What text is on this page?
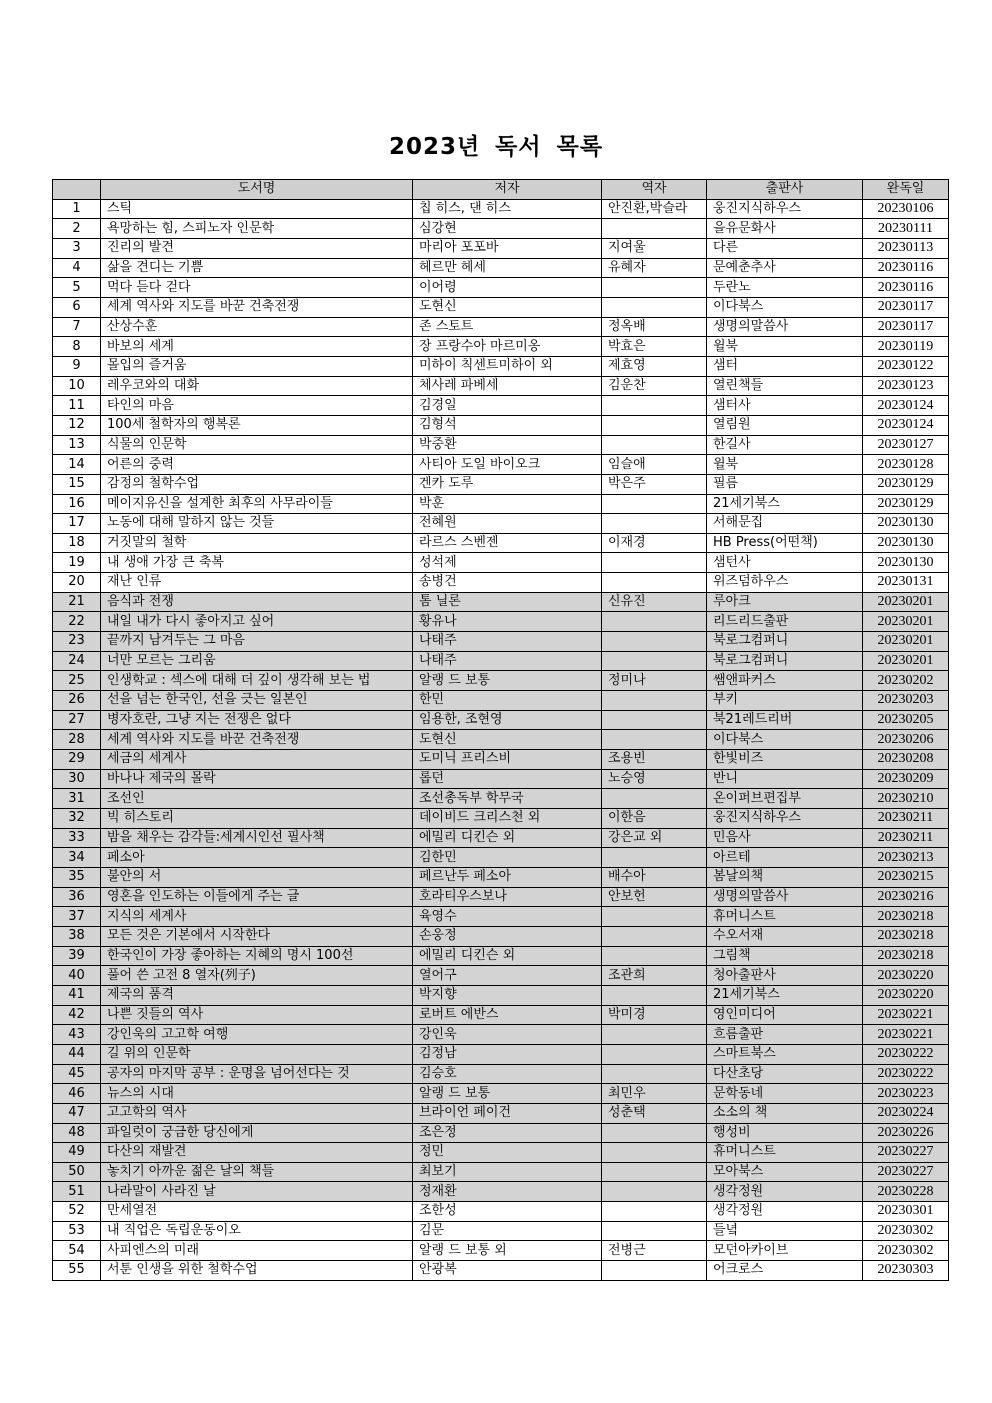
2023년 독서 목록
	도서명	저자	역자	출판사	완독일
1	스틱	칩 히스, 댄 히스	안진환,박슬라	웅진지식하우스	20230106
2	욕망하는 힘, 스피노자 인문학	심강현		을유문화사	20230111
3	진리의 발견	마리아 포포바	지여울	다른	20230113
4	삶을 견디는 기쁨	헤르만 헤세	유혜자	문예춘추사	20230116
5	먹다 듣다 걷다	이어령		두란노	20230116
6	세계 역사와 지도를 바꾼 건축전쟁	도현신		이다북스	20230117
7	산상수훈	존 스토트	정옥배	생명의말씀사	20230117
8	바보의 세계	장 프랑수아 마르미옹	박효은	윌북	20230119
9	몰입의 즐거움	미하이 칙센트미하이 외	제효영	샘터	20230122
10	레우코와의 대화	체사레 파베세	김운찬	열린책들	20230123
11	타인의 마음	김경일		샘터사	20230124
12	100세 철학자의 행복론	김형석		열림원	20230124
13	식물의 인문학	박중환		한길사	20230127
14	어른의 중력	사티아 도일 바이오크	임슬애	윌북	20230128
15	감정의 철학수업	겐카 도루	박은주	필름	20230129
16	메이지유신을 설계한 최후의 사무라이들	박훈		21세기북스	20230129
17	노동에 대해 말하지 않는 것들	전혜원		서해문집	20230130
18	거짓말의 철학	라르스 스벤젠	이재경	HB Press(어떤책)	20230130
19	내 생애 가장 큰 축복	성석제		샘턴사	20230130
20	재난 인류	송병건		위즈덤하우스	20230131
21	음식과 전쟁	톰 닐론	신유진	루아크	20230201
22	내일 내가 다시 좋아지고 싶어	황유나		리드리드출판	20230201
23	끝까지 남겨두는 그 마음	나태주		북로그컴퍼니	20230201
24	너만 모르는 그리움	나태주		북로그컴퍼니	20230201
25	인생학교 : 섹스에 대해 더 깊이 생각해 보는 법	알랭 드 보통	정미나	쌤앤파커스	20230202
26	선을 넘는 한국인, 선을 긋는 일본인	한민		부키	20230203
27	병자호란, 그냥 지는 전쟁은 없다	임용한, 조현영		북21레드리버	20230205
28	세계 역사와 지도를 바꾼 건축전쟁	도현신		이다북스	20230206
29	세금의 세계사	도미닉 프리스비	조용빈	한빛비즈	20230208
30	바나나 제국의 몰락	롭던	노승영	반니	20230209
31	조선인	조선총독부 학무국		온이퍼브편집부	20230210
32	빅 히스토리	데이비드 크리스천 외	이한음	웅진지식하우스	20230211
33	밤을 채우는 감각들:세계시인선 필사책	에밀리 디킨슨 외	강은교 외	민음사	20230211
34	페소아	김한민		아르테	20230213
35	불안의 서	페르난두 페소아	배수아	봄날의책	20230215
36	영혼을 인도하는 이들에게 주는 글	호라티우스보나	안보헌	생명의말씀사	20230216
37	지식의 세계사	육영수		휴머니스트	20230218
38	모든 것은 기본에서 시작한다	손웅정		수오서재	20230218
39	한국인이 가장 좋아하는 지혜의 명시 100선	에밀리 디킨슨 외		그림책	20230218
40	풀어 쓴 고전 8 열자(列子)	열어구	조관희	청아출판사	20230220
41	제국의 품격	박지향		21세기북스	20230220
42	나쁜 짓들의 역사	로버트 에반스	박미경	영인미디어	20230221
43	강인욱의 고고학 여행	강인욱		흐름출판	20230221
44	길 위의 인문학	김정남		스마트북스	20230222
45	공자의 마지막 공부 : 운명을 넘어선다는 것	김승호		다산초당	20230222
46	뉴스의 시대	알랭 드 보통	최민우	문학동네	20230223
47	고고학의 역사	브라이언 페이건	성춘택	소소의 책	20230224
48	파일럿이 궁금한 당신에게	조은정		행성비	20230226
49	다산의 재발견	정민		휴머니스트	20230227
50	놓치기 아까운 젊은 날의 책들	최보기		모아북스	20230227
51	나라말이 사라진 날	정재환		생각정원	20230228
52	만세열전	조한성		생각정원	20230301
53	내 직업은 독립운동이오	김문		들녘	20230302
54	사피엔스의 미래	알랭 드 보통 외	전병근	모던아카이브	20230302
55	서툰 인생을 위한 철학수업	안광복		어크로스	20230303
